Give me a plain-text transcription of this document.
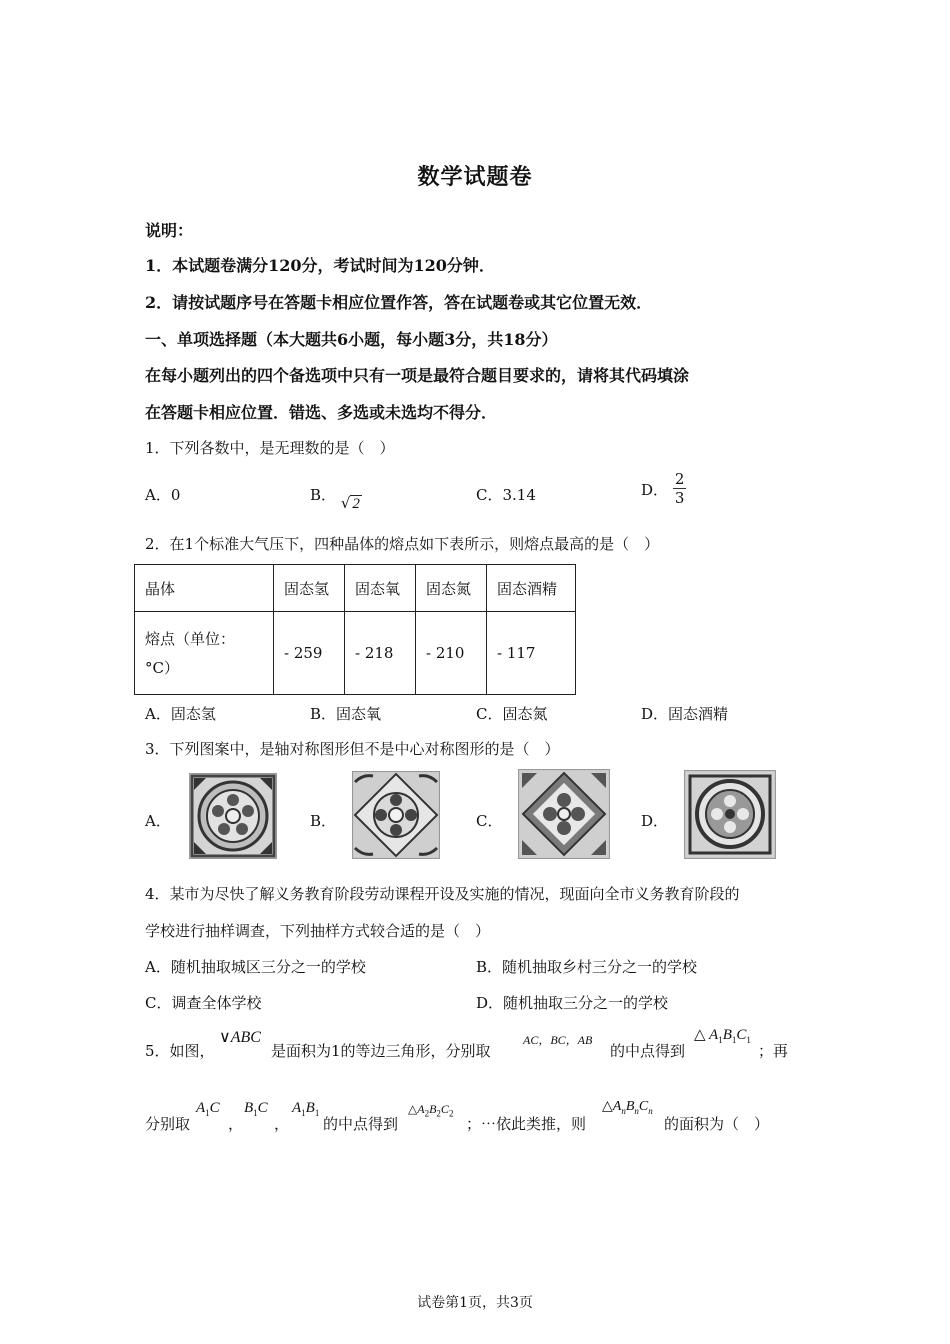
数学试题卷
说明：
1．本试题卷满分120分，考试时间为120分钟．
2．请按试题序号在答题卡相应位置作答，答在试题卷或其它位置无效．
一、单项选择题（本大题共6小题，每小题3分，共18分）
在每小题列出的四个备选项中只有一项是最符合题目要求的，请将其代码填涂
在答题卡相应位置．错选、多选或未选均不得分．
1．下列各数中，是无理数的是（　）
A．0	B． √ 2	C．3.14	D． $\frac{2}{3}$
2．在1个标准大气压下，四种晶体的熔点如下表所示，则熔点最高的是（　）
晶体	固态氢	固态氧	固态氮	固态酒精

熔点（单位：
°C）	- 259	- 218	- 210	- 117
A．固态氢	B．固态氧	C．固态氮	D．固态酒精
3．下列图案中，是轴对称图形但不是中心对称图形的是（　）
A．	B．	C．	D．
4．某市为尽快了解义务教育阶段劳动课程开设及实施的情况，现面向全市义务教育阶段的
学校进行抽样调查，下列抽样方式较合适的是（　）
A．随机抽取城区三分之一的学校	B．随机抽取乡村三分之一的学校
C．调查全体学校	D．随机抽取三分之一的学校
5．如图，
∨ABC
是面积为1的等边三角形，分别取
AC，BC，AB
的中点得到
△ $A_1B_1C_1$
；再
分别取
$A_1C$
，
$B_1C$
，
$A_1B_1$
的中点得到
$\triangle A_2B_2C_2$
；⋯依此类推，则
$\triangle A_nB_nC_n$
的面积为（　）
试卷第1页，共3页
